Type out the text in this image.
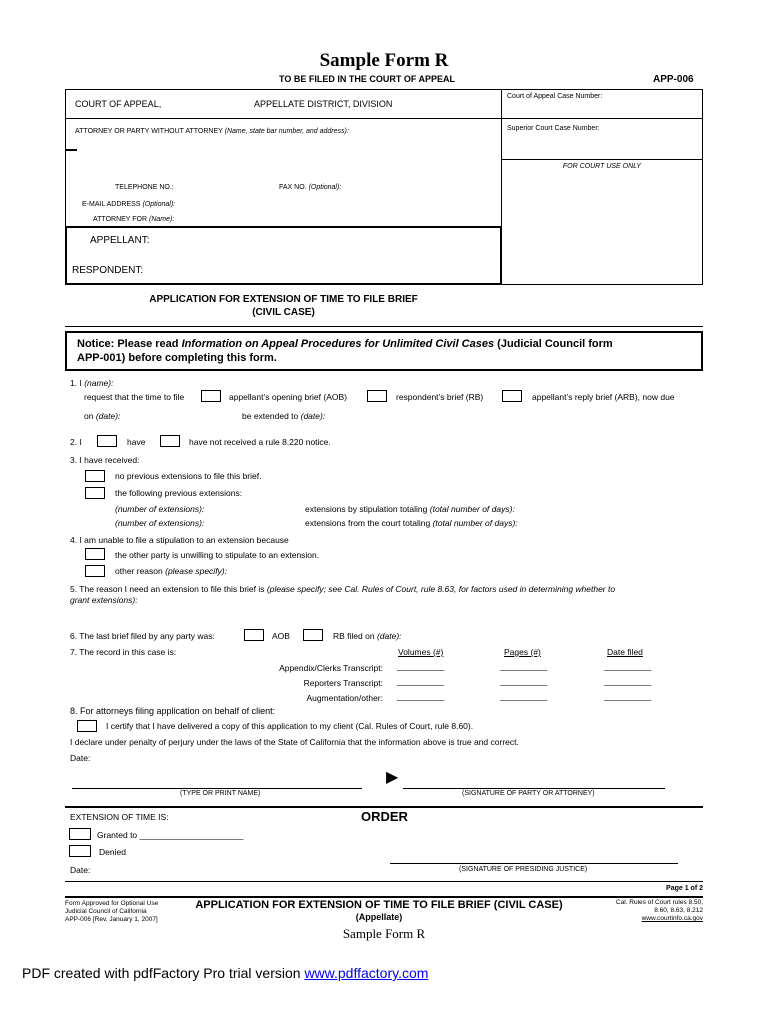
Sample Form R
TO BE FILED IN THE COURT OF APPEAL	APP-006
COURT OF APPEAL,	APPELLATE DISTRICT, DIVISION
Court of Appeal Case Number:
Superior Court Case Number:
FOR COURT USE ONLY
ATTORNEY OR PARTY WITHOUT ATTORNEY (Name, state bar number, and address):
TELEPHONE NO.:	FAX NO. (Optional):
E-MAIL ADDRESS (Optional):
ATTORNEY FOR (Name):
APPELLANT:
RESPONDENT:
APPLICATION FOR EXTENSION OF TIME TO FILE BRIEF
(CIVIL CASE)
Notice: Please read Information on Appeal Procedures for Unlimited Civil Cases (Judicial Council form
APP-001) before completing this form.
1. I (name):
request that the time to file	appellant’s opening brief (AOB)	respondent’s brief (RB)	appellant’s reply brief (ARB), now due
on (date):	be extended to (date):
2. I	have	have not received a rule 8.220 notice.
3. I have received:
no previous extensions to file this brief.
the following previous extensions:
(number of extensions):	extensions by stipulation totaling (total number of days):
(number of extensions):	extensions from the court totaling (total number of days):
4. I am unable to file a stipulation to an extension because
the other party is unwilling to stipulate to an extension.
other reason (please specify):
5. The reason I need an extension to file this brief is (please specify; see Cal. Rules of Court, rule 8.63, for factors used in determining whether to
grant extensions):
6. The last brief filed by any party was:	AOB	RB filed on (date):
7. The record in this case is:	Volumes (#)	Pages (#)	Date filed
Appendix/Clerks Transcript: __________	__________	__________
Reporters Transcript: __________	__________	__________
Augmentation/other: __________	__________	__________
8. For attorneys filing application on behalf of client:
I certify that I have delivered a copy of this application to my client (Cal. Rules of Court, rule 8.60).
I declare under penalty of perjury under the laws of the State of California that the information above is true and correct.
Date:
▶
(TYPE OR PRINT NAME)	(SIGNATURE OF PARTY OR ATTORNEY)
EXTENSION OF TIME IS:	ORDER
Granted to ______________________
Denied
(SIGNATURE OF PRESIDING JUSTICE)
Date:
Page 1 of 2
Form Approved for Optional Use
Judicial Council of California
APP-006 [Rev. January 1, 2007]
APPLICATION FOR EXTENSION OF TIME TO FILE BRIEF (CIVIL CASE)
(Appellate)
Cal. Rules of Court rules 8.50,
8.60, 8.63, 8.212
www.courtinfo.ca.gov
Sample Form R
PDF created with pdfFactory Pro trial version www.pdffactory.com
